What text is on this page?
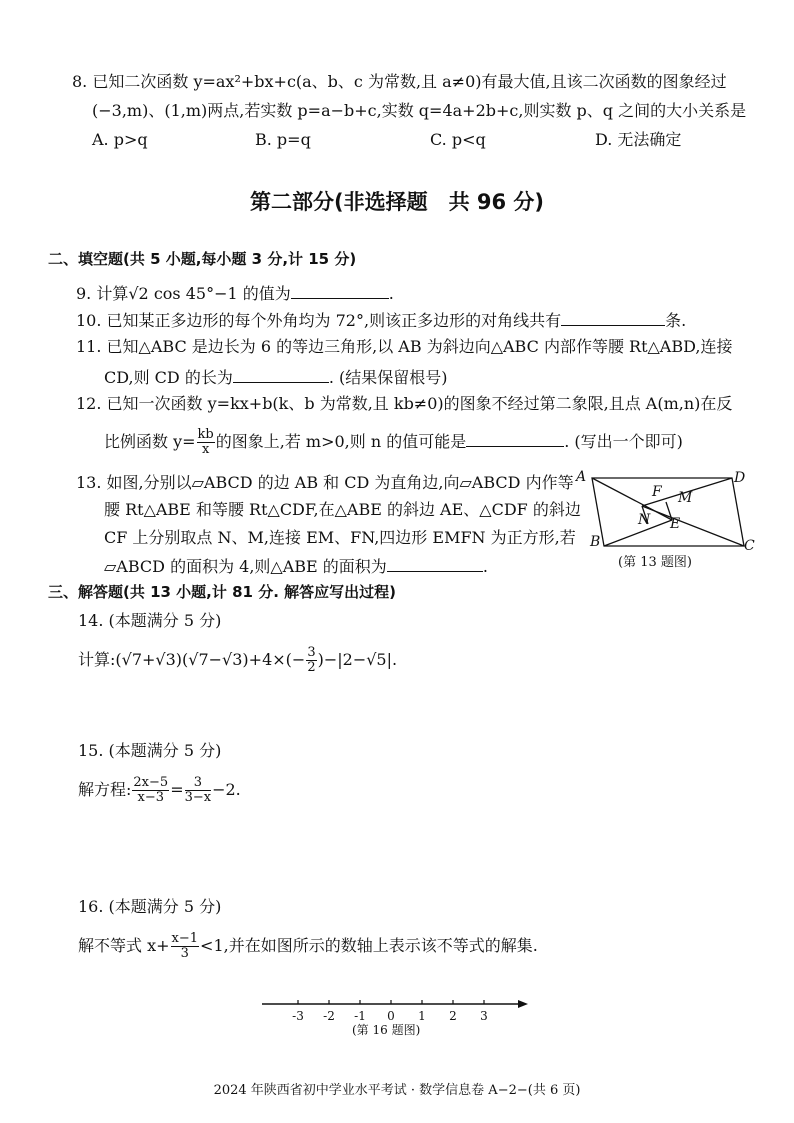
8. 已知二次函数 y=ax²+bx+c(a、b、c 为常数,且 a≠0)有最大值,且该二次函数的图象经过
(−3,m)、(1,m)两点,若实数 p=a−b+c,实数 q=4a+2b+c,则实数 p、q 之间的大小关系是
A. p>q	B. p=q	C. p<q	D. 无法确定
第二部分(非选择题　共 96 分)
二、填空题(共 5 小题,每小题 3 分,计 15 分)
9. 计算√2 cos 45°−1 的值为	.
10. 已知某正多边形的每个外角均为 72°,则该正多边形的对角线共有	条.
11. 已知△ABC 是边长为 6 的等边三角形,以 AB 为斜边向△ABC 内部作等腰 Rt△ABD,连接
CD,则 CD 的长为	. (结果保留根号)
12. 已知一次函数 y=kx+b(k、b 为常数,且 kb≠0)的图象不经过第二象限,且点 A(m,n)在反
比例函数 $y= \frac{kb}{x}$ 的图象上,若 m>0,则 n 的值可能是	. (写出一个即可)
13. 如图,分别以▱ABCD 的边 AB 和 CD 为直角边,向▱ABCD 内作等
腰 Rt△ABE 和等腰 Rt△CDF,在△ABE 的斜边 AE、△CDF 的斜边
CF 上分别取点 N、M,连接 EM、FN,四边形 EMFN 为正方形,若
▱ABCD 的面积为 4,则△ABE 的面积为	.
A	D
B	C
F M
N E
(第 13 题图)
三、解答题(共 13 小题,计 81 分. 解答应写出过程)
14. (本题满分 5 分)
计算:(√7+√3)(√7−√3)+4×(− $\frac{3}{2} )-|2-√5|$.
15. (本题满分 5 分)
解方程: $\frac{2x-5}{x-3} = \frac{3}{3-x} -2$.
16. (本题满分 5 分)
解不等式 $x+ \frac{x-1}{3} <1$,并在如图所示的数轴上表示该不等式的解集.
-3 -2 -1 0 1 2 3
(第 16 题图)
2024 年陕西省初中学业水平考试 · 数学信息卷 A−2−(共 6 页)
